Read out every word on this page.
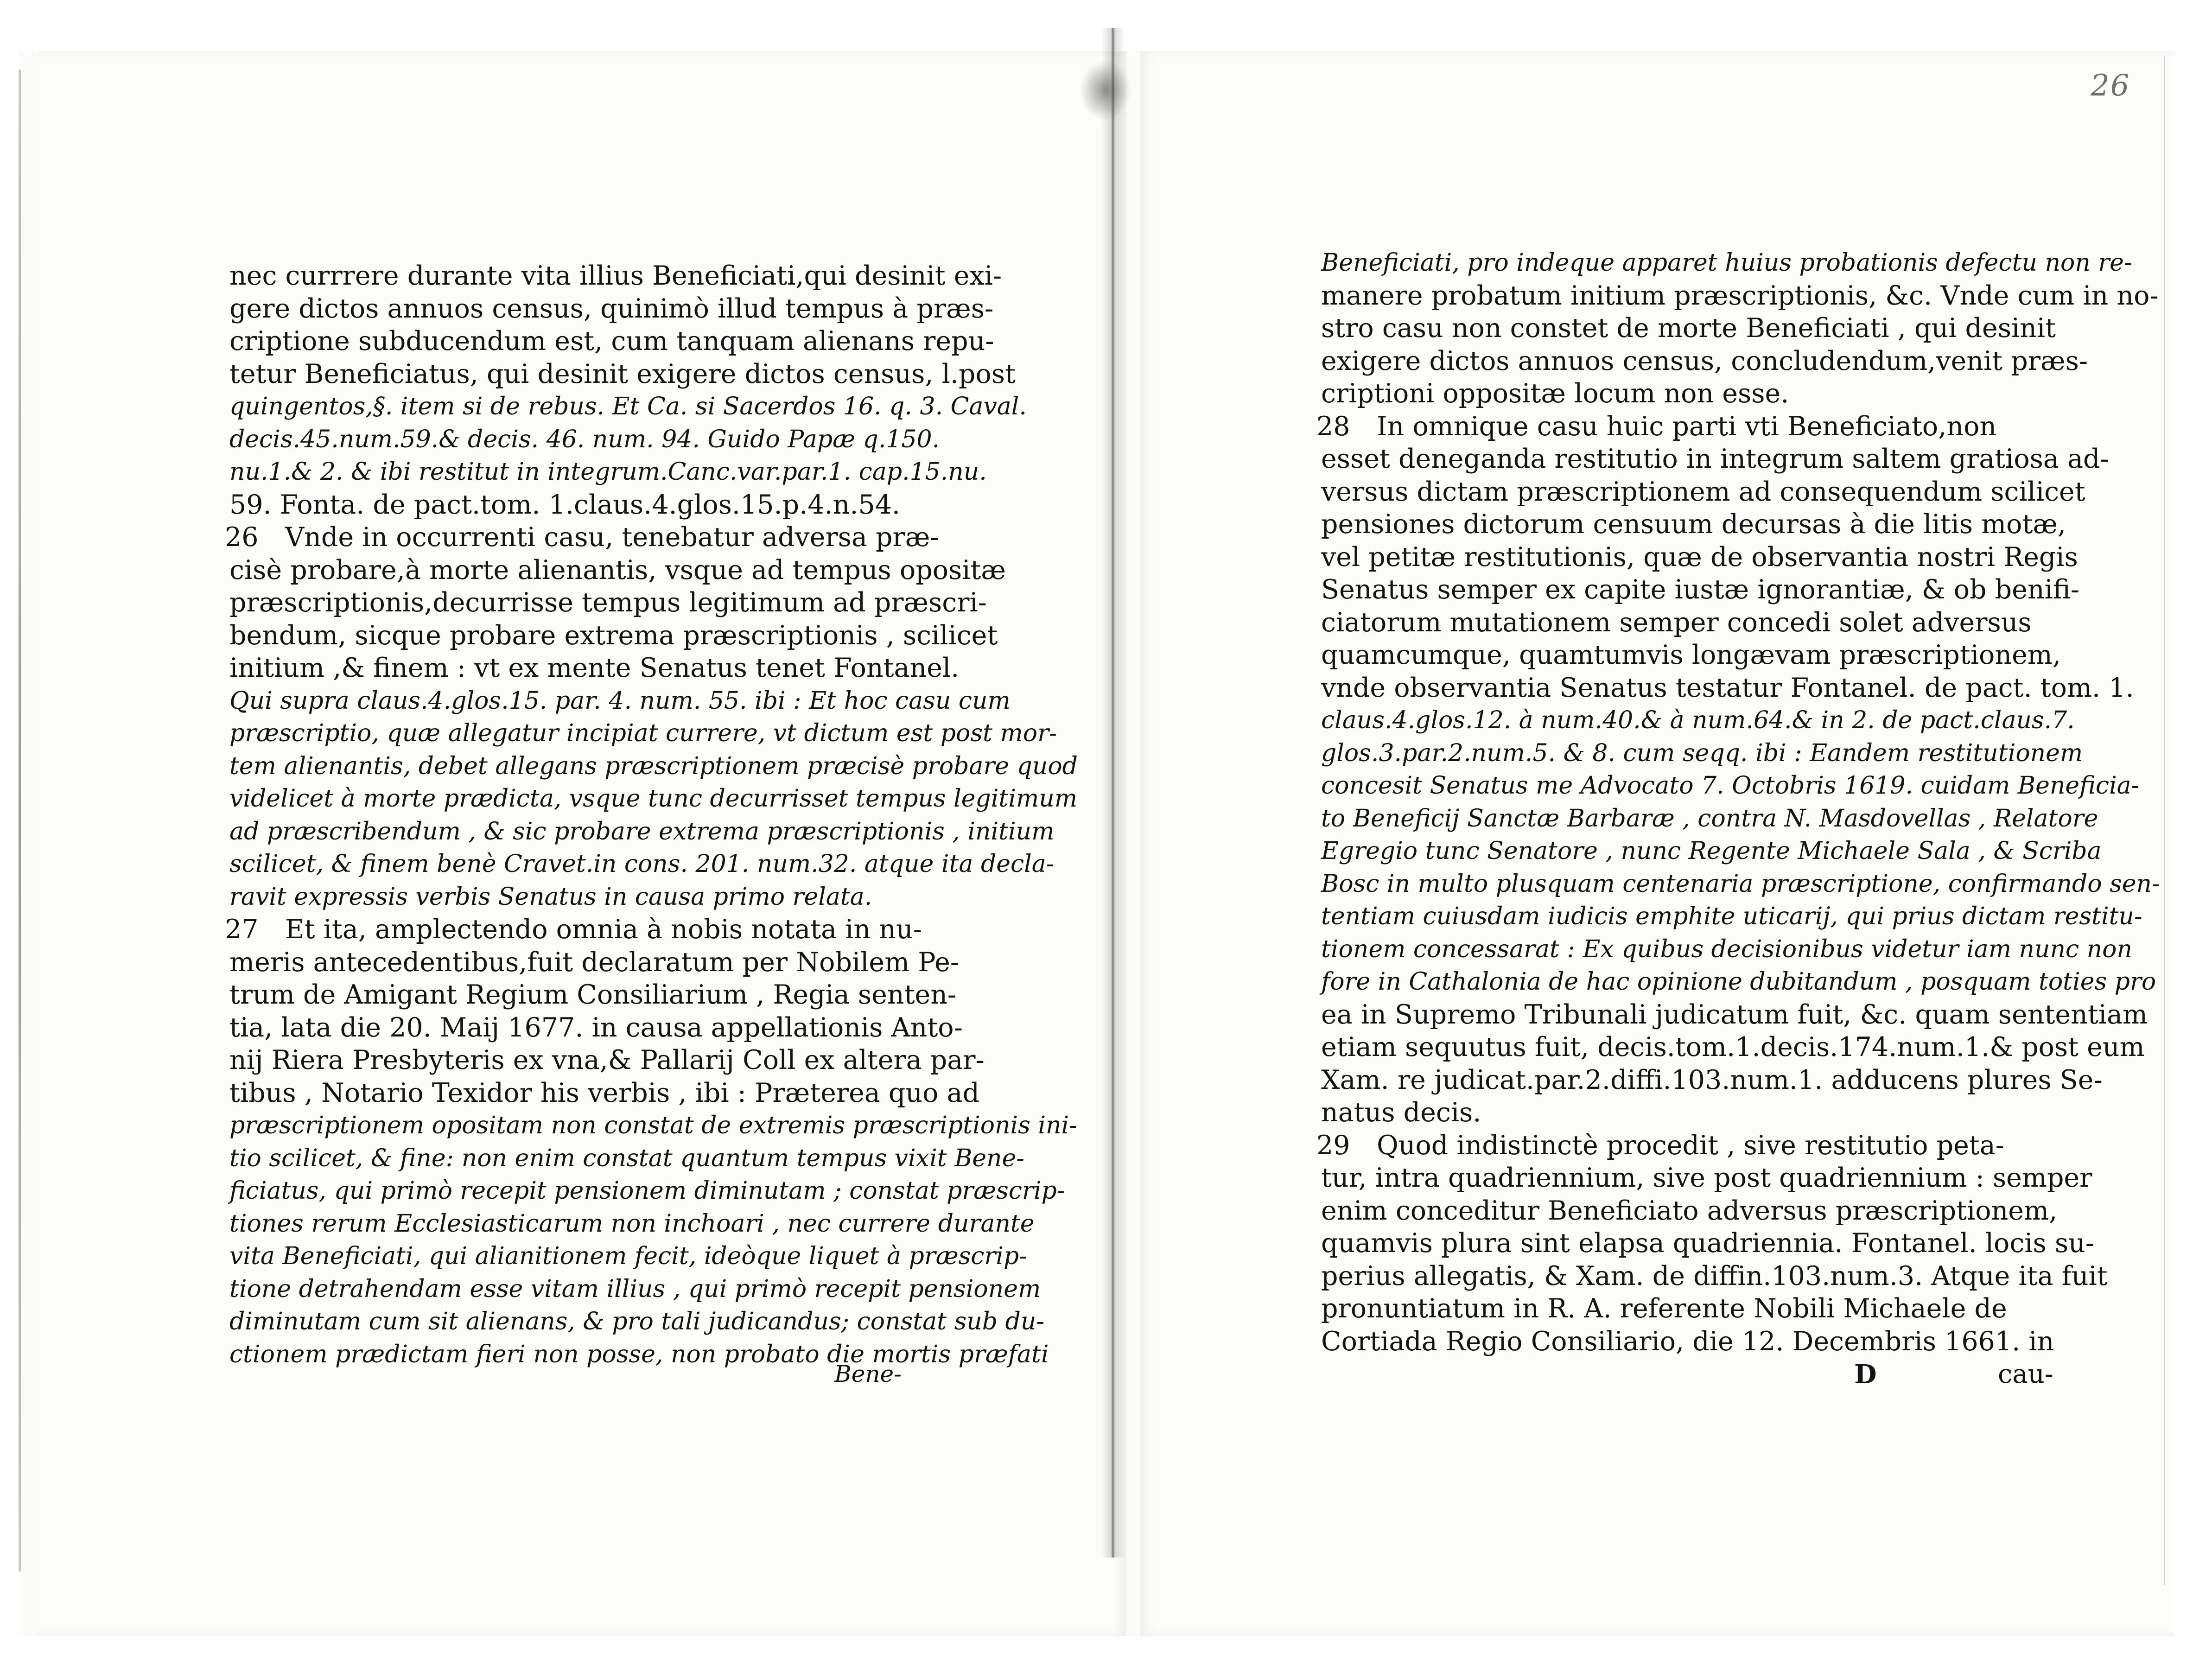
26
nec currrere durante vita illius Beneficiati,qui desinit exi-
gere dictos annuos census, quinimò illud tempus à præs-
criptione subducendum est, cum tanquam alienans repu-
tetur Beneficiatus, qui desinit exigere dictos census, l.post
quingentos,§. item si de rebus. Et Ca. si Sacerdos 16. q. 3. Caval.
decis.45.num.59.& decis. 46. num. 94. Guido Papæ q.150.
nu.1.& 2. & ibi restitut in integrum.Canc.var.par.1. cap.15.nu.
59. Fonta. de pact.tom. 1.claus.4.glos.15.p.4.n.54.
26 Vnde in occurrenti casu, tenebatur adversa præ-
cisè probare,à morte alienantis, vsque ad tempus opositæ
præscriptionis,decurrisse tempus legitimum ad præscri-
bendum, sicque probare extrema præscriptionis , scilicet
initium ,& finem : vt ex mente Senatus tenet Fontanel.
Qui supra claus.4.glos.15. par. 4. num. 55. ibi : Et hoc casu cum
præscriptio, quæ allegatur incipiat currere, vt dictum est post mor-
tem alienantis, debet allegans præscriptionem præcisè probare quod
videlicet à morte prædicta, vsque tunc decurrisset tempus legitimum
ad præscribendum , & sic probare extrema præscriptionis , initium
scilicet, & finem benè Cravet.in cons. 201. num.32. atque ita decla-
ravit expressis verbis Senatus in causa primo relata.
27 Et ita, amplectendo omnia à nobis notata in nu-
meris antecedentibus,fuit declaratum per Nobilem Pe-
trum de Amigant Regium Consiliarium , Regia senten-
tia, lata die 20. Maij 1677. in causa appellationis Anto-
nij Riera Presbyteris ex vna,& Pallarij Coll ex altera par-
tibus , Notario Texidor his verbis , ibi : Præterea quo ad
præscriptionem opositam non constat de extremis præscriptionis ini-
tio scilicet, & fine: non enim constat quantum tempus vixit Bene-
ficiatus, qui primò recepit pensionem diminutam ; constat præscrip-
tiones rerum Ecclesiasticarum non inchoari , nec currere durante
vita Beneficiati, qui alianitionem fecit, ideòque liquet à præscrip-
tione detrahendam esse vitam illius , qui primò recepit pensionem
diminutam cum sit alienans, & pro tali judicandus; constat sub du-
ctionem prædictam fieri non posse, non probato die mortis præfati
Bene-
Beneficiati, pro indeque apparet huius probationis defectu non re-
manere probatum initium præscriptionis, &c. Vnde cum in no-
stro casu non constet de morte Beneficiati , qui desinit
exigere dictos annuos census, concludendum,venit præs-
criptioni oppositæ locum non esse.
28 In omnique casu huic parti vti Beneficiato,non
esset deneganda restitutio in integrum saltem gratiosa ad-
versus dictam præscriptionem ad consequendum scilicet
pensiones dictorum censuum decursas à die litis motæ,
vel petitæ restitutionis, quæ de observantia nostri Regis
Senatus semper ex capite iustæ ignorantiæ, & ob benifi-
ciatorum mutationem semper concedi solet adversus
quamcumque, quamtumvis longævam præscriptionem,
vnde observantia Senatus testatur Fontanel. de pact. tom. 1.
claus.4.glos.12. à num.40.& à num.64.& in 2. de pact.claus.7.
glos.3.par.2.num.5. & 8. cum seqq. ibi : Eandem restitutionem
concesit Senatus me Advocato 7. Octobris 1619. cuidam Beneficia-
to Beneficij Sanctæ Barbaræ , contra N. Masdovellas , Relatore
Egregio tunc Senatore , nunc Regente Michaele Sala , & Scriba
Bosc in multo plusquam centenaria præscriptione, confirmando sen-
tentiam cuiusdam iudicis emphite uticarij, qui prius dictam restitu-
tionem concessarat : Ex quibus decisionibus videtur iam nunc non
fore in Cathalonia de hac opinione dubitandum , posquam toties pro
ea in Supremo Tribunali judicatum fuit, &c. quam sententiam
etiam sequutus fuit, decis.tom.1.decis.174.num.1.& post eum
Xam. re judicat.par.2.diffi.103.num.1. adducens plures Se-
natus decis.
29 Quod indistinctè procedit , sive restitutio peta-
tur, intra quadriennium, sive post quadriennium : semper
enim conceditur Beneficiato adversus præscriptionem,
quamvis plura sint elapsa quadriennia. Fontanel. locis su-
perius allegatis, & Xam. de diffin.103.num.3. Atque ita fuit
pronuntiatum in R. A. referente Nobili Michaele de
Cortiada Regio Consiliario, die 12. Decembris 1661. in
D	cau-
